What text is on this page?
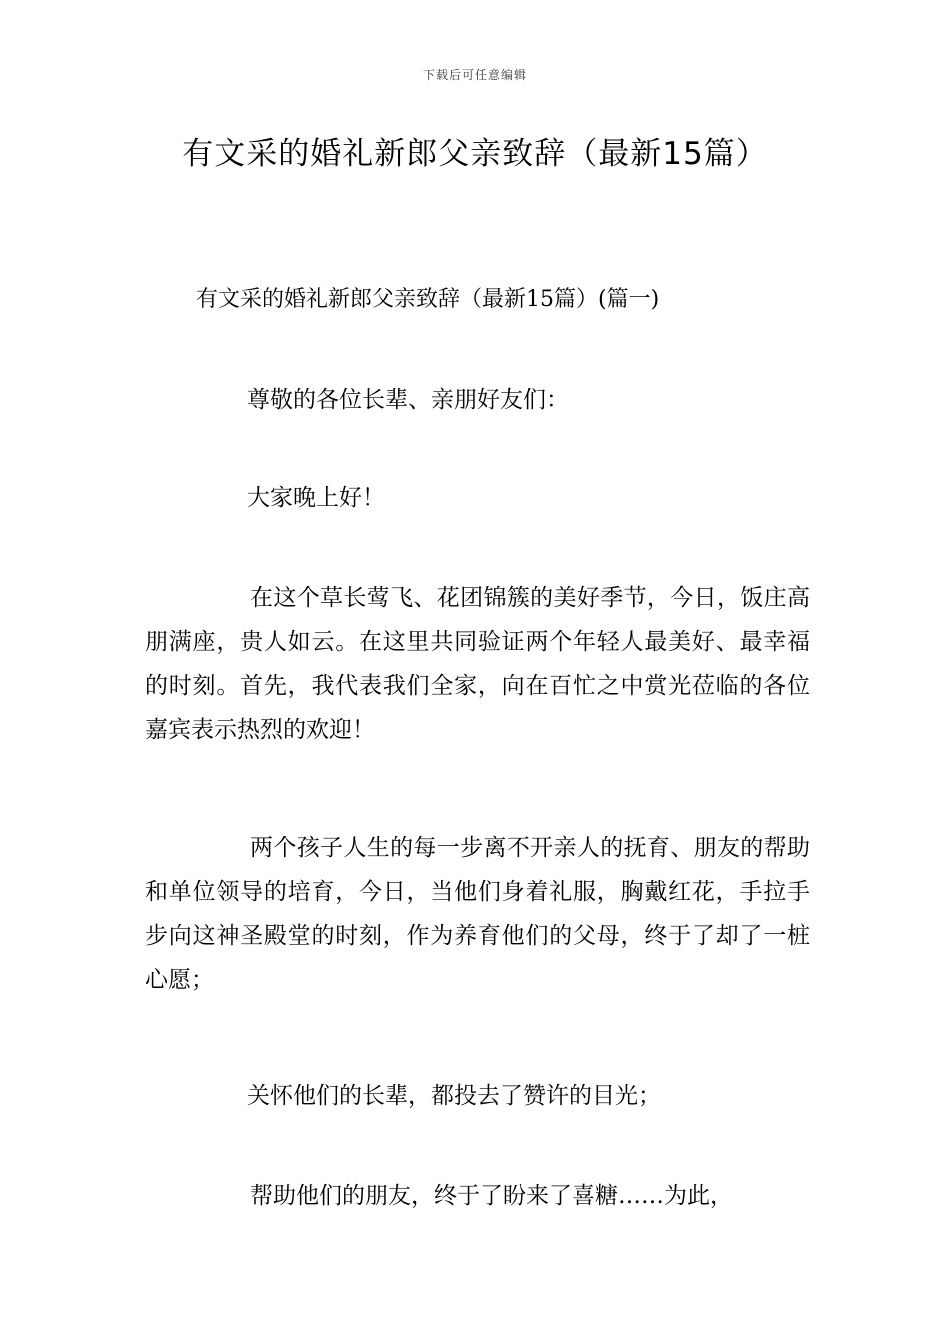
下载后可任意编辑
有文采的婚礼新郎父亲致辞（最新15篇）
有文采的婚礼新郎父亲致辞（最新15篇）(篇一)

尊敬的各位长辈、亲朋好友们：

大家晚上好！

在这个草长莺飞、花团锦簇的美好季节，今日，饭庄高朋满座，贵人如云。在这里共同验证两个年轻人最美好、最幸福的时刻。首先，我代表我们全家，向在百忙之中赏光莅临的各位嘉宾表示热烈的欢迎！

两个孩子人生的每一步离不开亲人的抚育、朋友的帮助和单位领导的培育，今日，当他们身着礼服，胸戴红花，手拉手步向这神圣殿堂的时刻，作为养育他们的父母，终于了却了一桩心愿；

关怀他们的长辈，都投去了赞许的目光；

帮助他们的朋友，终于了盼来了喜糖……为此，
